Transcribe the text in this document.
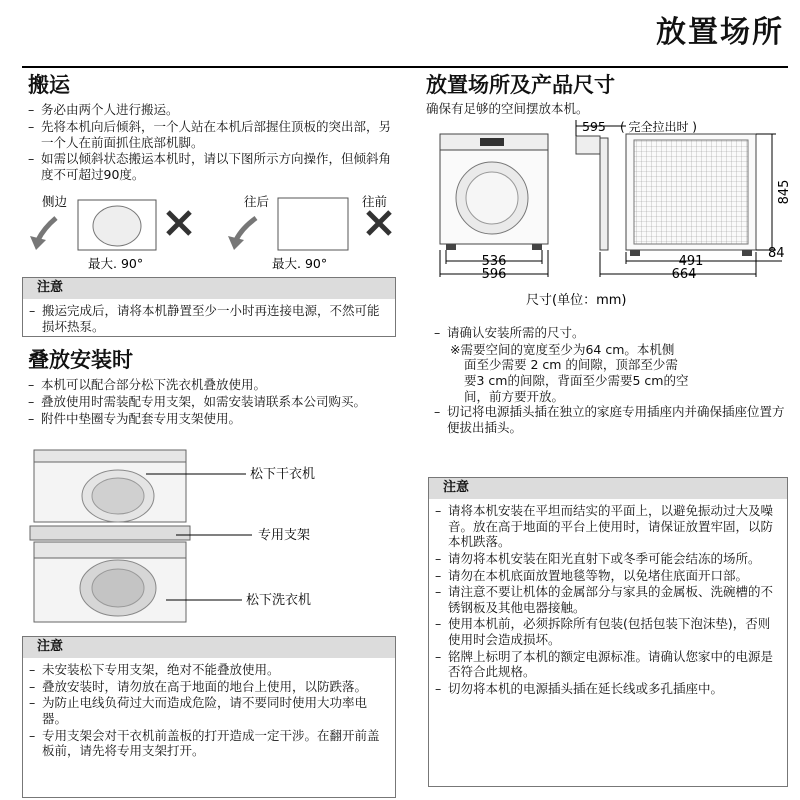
放置场所
搬运
– 务必由两个人进行搬运。
– 先将本机向后倾斜，一个人站在本机后部握住顶板的突出部，另一个人在前面抓住底部机脚。
– 如需以倾斜状态搬运本机时，请以下图所示方向操作，但倾斜角度不可超过90度。
侧边	往后	往前
最大. 90°	最大. 90°
注意
– 搬运完成后，请将本机静置至少一小时再连接电源，不然可能损坏热泵。
叠放安装时
– 本机可以配合部分松下洗衣机叠放使用。
– 叠放使用时需装配专用支架，如需安装请联系本公司购买。
– 附件中垫圈专为配套专用支架使用。
松下干衣机
专用支架
松下洗衣机
注意
– 未安装松下专用支架，绝对不能叠放使用。
– 叠放安装时，请勿放在高于地面的地台上使用，以防跌落。
– 为防止电线负荷过大而造成危险，请不要同时使用大功率电器。
– 专用支架会对干衣机前盖板的打开造成一定干涉。在翻开前盖板前，请先将专用支架打开。
放置场所及产品尺寸
确保有足够的空间摆放本机。
536
596
595 ( 完全拉出时 )
845
491
664
84
尺寸(单位：mm)
– 请确认安装所需的尺寸。
※需要空间的宽度至少为64 cm。本机侧
面至少需要 2 cm 的间隙，顶部至少需
要3 cm的间隙，背面至少需要5 cm的空
间，前方要开放。
– 切记将电源插头插在独立的家庭专用插座内并确保插座位置方便拔出插头。
注意
– 请将本机安装在平坦而结实的平面上，以避免振动过大及噪音。放在高于地面的平台上使用时，请保证放置牢固，以防本机跌落。
– 请勿将本机安装在阳光直射下或冬季可能会结冻的场所。
– 请勿在本机底面放置地毯等物，以免堵住底面开口部。
– 请注意不要让机体的金属部分与家具的金属板、洗碗槽的不锈钢板及其他电器接触。
– 使用本机前，必须拆除所有包装(包括包装下泡沫垫)，否则使用时会造成损坏。
– 铭牌上标明了本机的额定电源标准。请确认您家中的电源是否符合此规格。
– 切勿将本机的电源插头插在延长线或多孔插座中。
